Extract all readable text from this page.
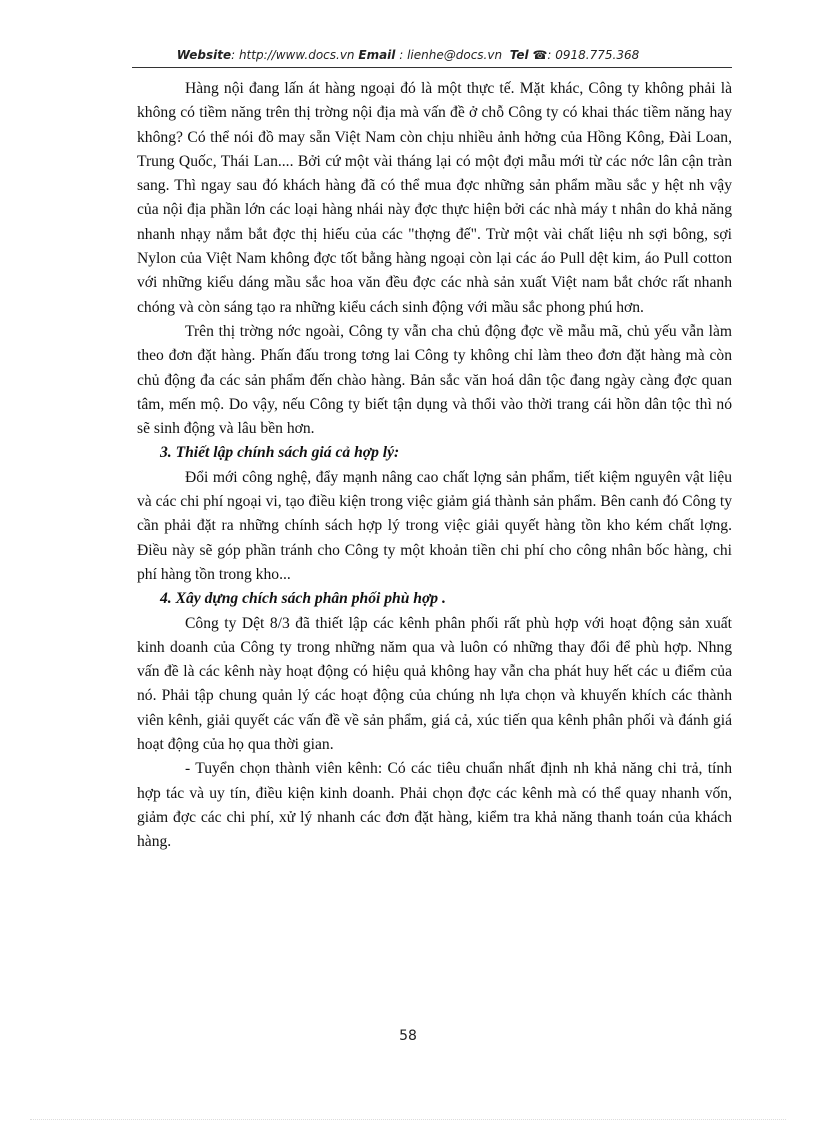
Website: http://www.docs.vn Email : lienhe@docs.vn Tel ☎: 0918.775.368

Hàng nội đang lấn át hàng ngoại đó là một thực tế. Mặt khác, Công ty không phải là không có tiềm năng trên thị trờng nội địa mà vấn đề ở chỗ Công ty có khai thác tiềm năng hay không? Có thể nói đồ may sẵn Việt Nam còn chịu nhiều ảnh hởng của Hồng Kông, Đài Loan, Trung Quốc, Thái Lan.... Bởi cứ một vài tháng lại có một đợi mẫu mới từ các nớc lân cận tràn sang. Thì ngay sau đó khách hàng đã có thể mua đợc những sản phẩm mầu sắc y hệt nh vậy của nội địa phần lớn các loại hàng nhái này đợc thực hiện bởi các nhà máy t nhân do khả năng nhanh nhạy nắm bắt đợc thị hiếu của các "thợng đế". Trừ một vài chất liệu nh sợi bông, sợi Nylon của Việt Nam không đợc tốt bằng hàng ngoại còn lại các áo Pull dệt kim, áo Pull cotton với những kiểu dáng mầu sắc hoa văn đều đợc các nhà sản xuất Việt nam bắt chớc rất nhanh chóng và còn sáng tạo ra những kiểu cách sinh động với mầu sắc phong phú hơn.

Trên thị trờng nớc ngoài, Công ty vẫn cha chủ động đợc về mẫu mã, chủ yếu vẫn làm theo đơn đặt hàng. Phấn đấu trong tơng lai Công ty không chỉ làm theo đơn đặt hàng mà còn chủ động đa các sản phẩm đến chào hàng. Bản sắc văn hoá dân tộc đang ngày càng đợc quan tâm, mến mộ. Do vậy, nếu Công ty biết tận dụng và thổi vào thời trang cái hồn dân tộc thì nó sẽ sinh động và lâu bền hơn.

3. Thiết lập chính sách giá cả hợp lý:

Đổi mới công nghệ, đẩy mạnh nâng cao chất lợng sản phẩm, tiết kiệm nguyên vật liệu và các chi phí ngoại vi, tạo điều kiện trong việc giảm giá thành sản phẩm. Bên canh đó Công ty cần phải đặt ra những chính sách hợp lý trong việc giải quyết hàng tồn kho kém chất lợng. Điều này sẽ góp phần tránh cho Công ty một khoản tiền chi phí cho công nhân bốc hàng, chi phí hàng tồn trong kho...

4. Xây dựng chích sách phân phối phù hợp .

Công ty Dệt 8/3 đã thiết lập các kênh phân phối rất phù hợp với hoạt động sản xuất kinh doanh của Công ty trong những năm qua và luôn có những thay đổi để phù hợp. Nhng vấn đề là các kênh này hoạt động có hiệu quả không hay vẫn cha phát huy hết các u điểm của nó. Phải tập chung quản lý các hoạt động của chúng nh lựa chọn và khuyến khích các thành viên kênh, giải quyết các vấn đề về sản phẩm, giá cả, xúc tiến qua kênh phân phối và đánh giá hoạt động của họ qua thời gian.

- Tuyển chọn thành viên kênh: Có các tiêu chuẩn nhất định nh khả năng chi trả, tính hợp tác và uy tín, điều kiện kinh doanh. Phải chọn đợc các kênh mà có thể quay nhanh vốn, giảm đợc các chi phí, xử lý nhanh các đơn đặt hàng, kiểm tra khả năng thanh toán của khách hàng.

58
